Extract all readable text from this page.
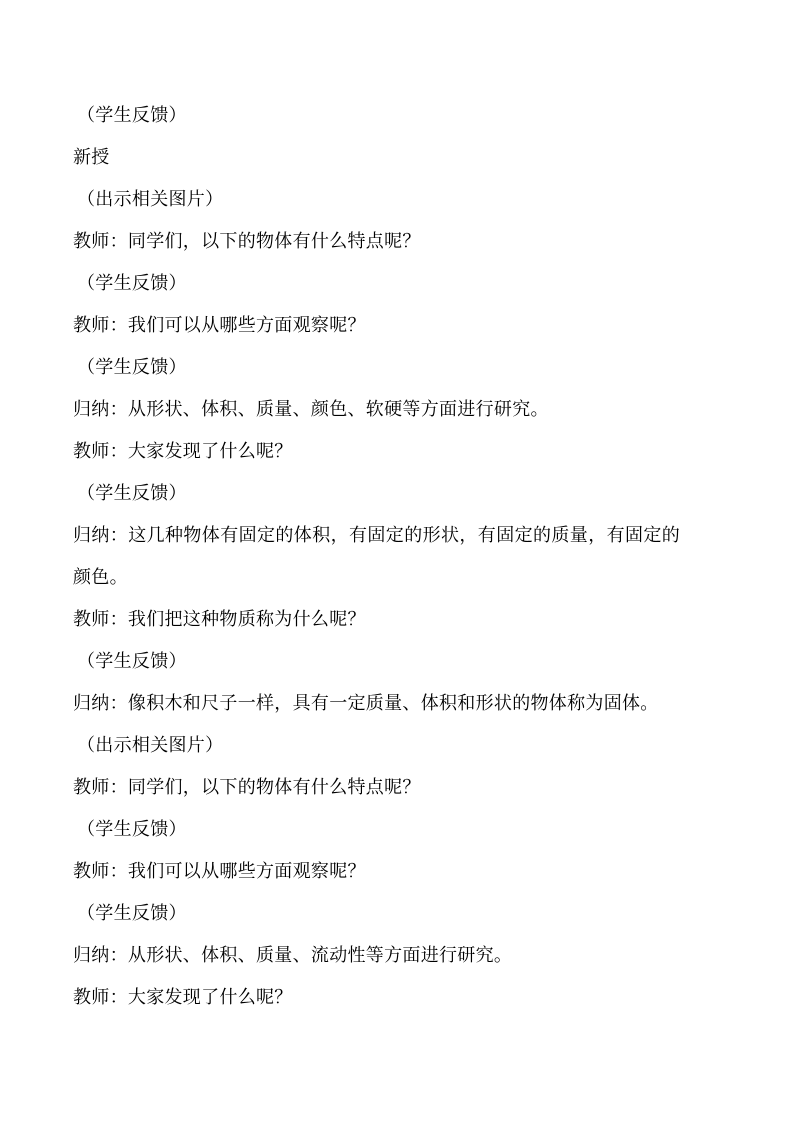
（学生反馈）
新授
（出示相关图片）
教师：同学们，以下的物体有什么特点呢？
（学生反馈）
教师：我们可以从哪些方面观察呢？
（学生反馈）
归纳：从形状、体积、质量、颜色、软硬等方面进行研究。
教师：大家发现了什么呢？
（学生反馈）
归纳：这几种物体有固定的体积，有固定的形状，有固定的质量，有固定的
颜色。
教师：我们把这种物质称为什么呢？
（学生反馈）
归纳：像积木和尺子一样，具有一定质量、体积和形状的物体称为固体。
（出示相关图片）
教师：同学们，以下的物体有什么特点呢？
（学生反馈）
教师：我们可以从哪些方面观察呢？
（学生反馈）
归纳：从形状、体积、质量、流动性等方面进行研究。
教师：大家发现了什么呢？
